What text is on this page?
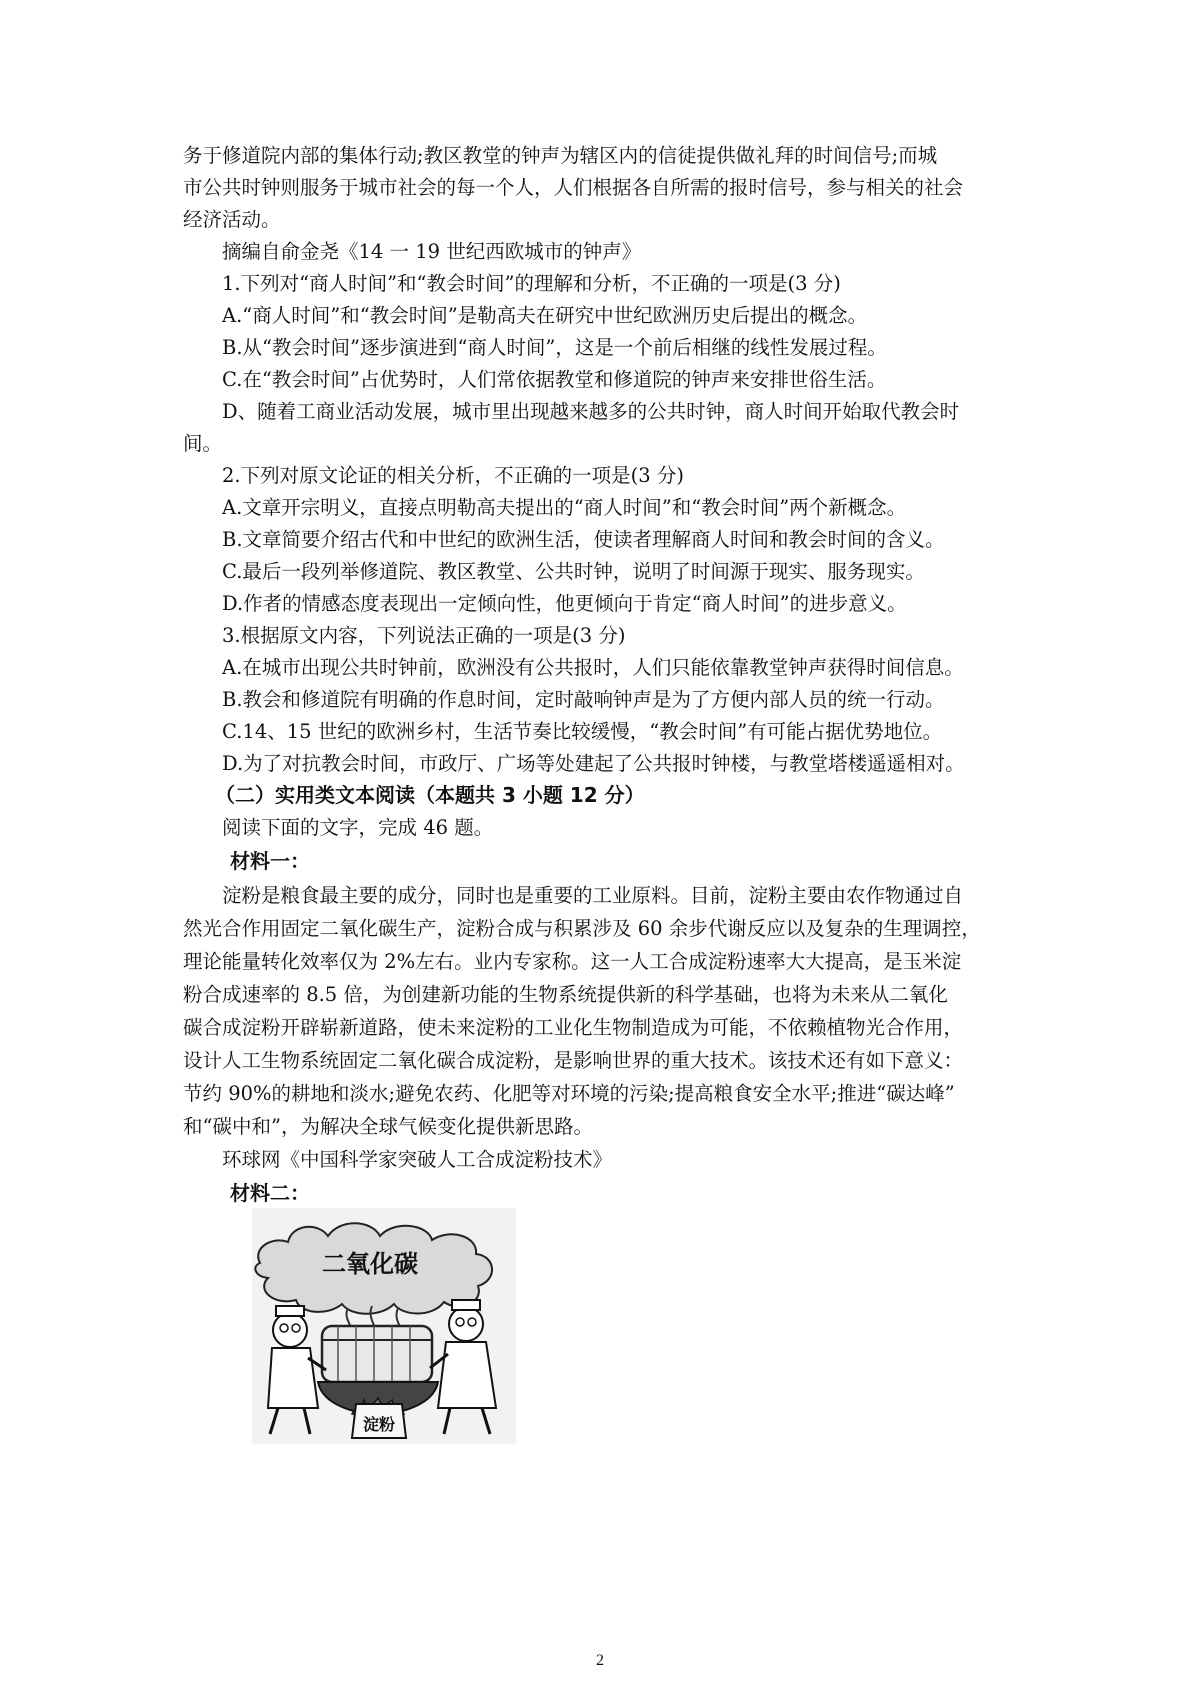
务于修道院内部的集体行动;教区教堂的钟声为辖区内的信徒提供做礼拜的时间信号;而城
市公共时钟则服务于城市社会的每一个人，人们根据各自所需的报时信号，参与相关的社会
经济活动。
摘编自俞金尧《14 一 19 世纪西欧城市的钟声》
1.下列对“商人时间”和“教会时间”的理解和分析，不正确的一项是(3 分)
A.“商人时间”和“教会时间”是勒高夫在研究中世纪欧洲历史后提出的概念。
B.从“教会时间”逐步演进到“商人时间”，这是一个前后相继的线性发展过程。
C.在“教会时间”占优势时，人们常依据教堂和修道院的钟声来安排世俗生活。
D、随着工商业活动发展，城市里出现越来越多的公共时钟，商人时间开始取代教会时
间。
2.下列对原文论证的相关分析，不正确的一项是(3 分)
A.文章开宗明义，直接点明勒高夫提出的“商人时间”和“教会时间”两个新概念。
B.文章简要介绍古代和中世纪的欧洲生活，使读者理解商人时间和教会时间的含义。
C.最后一段列举修道院、教区教堂、公共时钟，说明了时间源于现实、服务现实。
D.作者的情感态度表现出一定倾向性，他更倾向于肯定“商人时间”的进步意义。
3.根据原文内容，下列说法正确的一项是(3 分)
A.在城市出现公共时钟前，欧洲没有公共报时，人们只能依靠教堂钟声获得时间信息。
B.教会和修道院有明确的作息时间，定时敲响钟声是为了方便内部人员的统一行动。
C.14、15 世纪的欧洲乡村，生活节奏比较缓慢，“教会时间”有可能占据优势地位。
D.为了对抗教会时间，市政厅、广场等处建起了公共报时钟楼，与教堂塔楼遥遥相对。
（二）实用类文本阅读（本题共 3 小题 12 分）
阅读下面的文字，完成 46 题。
材料一：
淀粉是粮食最主要的成分，同时也是重要的工业原料。目前，淀粉主要由农作物通过自
然光合作用固定二氧化碳生产，淀粉合成与积累涉及 60 余步代谢反应以及复杂的生理调控，
理论能量转化效率仅为 2%左右。业内专家称。这一人工合成淀粉速率大大提高，是玉米淀
粉合成速率的 8.5 倍，为创建新功能的生物系统提供新的科学基础，也将为未来从二氧化
碳合成淀粉开辟崭新道路，使未来淀粉的工业化生物制造成为可能，不依赖植物光合作用，
设计人工生物系统固定二氧化碳合成淀粉，是影响世界的重大技术。该技术还有如下意义：
节约 90%的耕地和淡水;避免农药、化肥等对环境的污染;提高粮食安全水平;推进“碳达峰”
和“碳中和”，为解决全球气候变化提供新思路。
环球网《中国科学家突破人工合成淀粉技术》
材料二：
二氧化碳
淀粉
2
